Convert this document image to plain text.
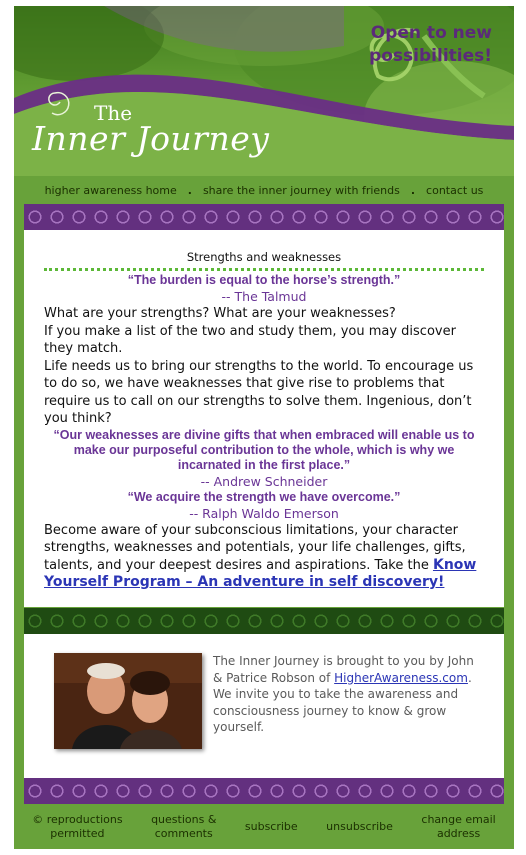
Open to new
possibilities!
The
Inner Journey
higher awareness home . share the inner journey with friends . contact us
Strengths and weaknesses
“The burden is equal to the horse’s strength.”
-- The Talmud
What are your strengths? What are your weaknesses?
If you make a list of the two and study them, you may discover they match.
Life needs us to bring our strengths to the world. To encourage us to do so, we have weaknesses that give rise to problems that require us to call on our strengths to solve them. Ingenious, don’t you think?
“Our weaknesses are divine gifts that when embraced will enable us to make our purposeful contribution to the whole, which is why we incarnated in the first place.”
-- Andrew Schneider
“We acquire the strength we have overcome.”
-- Ralph Waldo Emerson
Become aware of your subconscious limitations, your character strengths, weaknesses and potentials, your life challenges, gifts, talents, and your deepest desires and aspirations. Take the Know Yourself Program – An adventure in self discovery!
The Inner Journey is brought to you by John & Patrice Robson of HigherAwareness.com. We invite you to take the awareness and consciousness journey to know & grow yourself.
© reproductions
permitted
questions &
comments
subscribe	unsubscribe
change email
address
